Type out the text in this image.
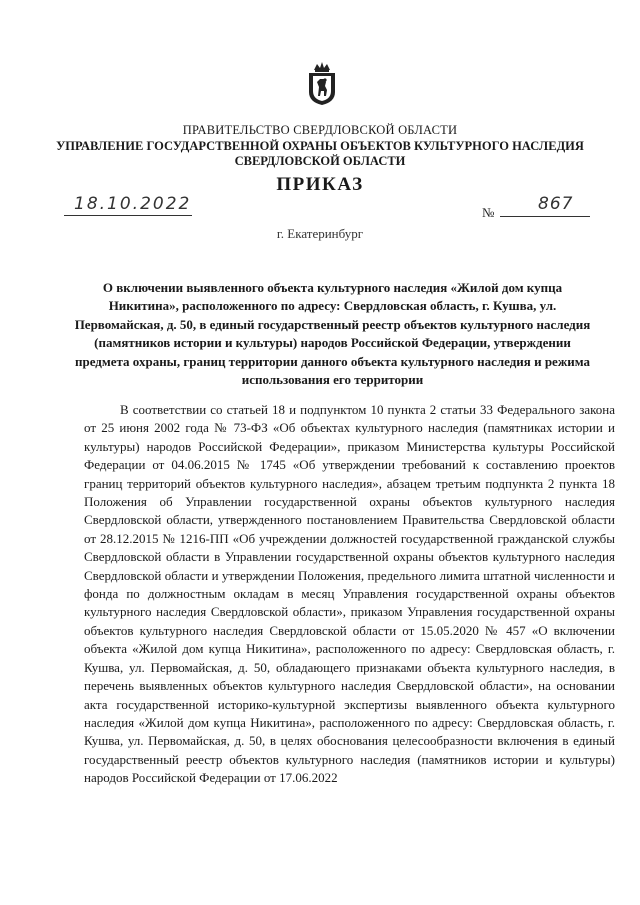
ПРАВИТЕЛЬСТВО СВЕРДЛОВСКОЙ ОБЛАСТИ
УПРАВЛЕНИЕ ГОСУДАРСТВЕННОЙ ОХРАНЫ ОБЪЕКТОВ КУЛЬТУРНОГО НАСЛЕДИЯ
СВЕРДЛОВСКОЙ ОБЛАСТИ
ПРИКАЗ
18.10.2022	№	867
г. Екатеринбург
О включении выявленного объекта культурного наследия «Жилой дом купца Никитина», расположенного по адресу: Свердловская область, г. Кушва, ул. Первомайская, д. 50, в единый государственный реестр объектов культурного наследия (памятников истории и культуры) народов Российской Федерации, утверждении предмета охраны, границ территории данного объекта культурного наследия и режима использования его территории

В соответствии со статьей 18 и подпунктом 10 пункта 2 статьи 33 Федерального закона от 25 июня 2002 года № 73-ФЗ «Об объектах культурного наследия (памятниках истории и культуры) народов Российской Федерации», приказом Министерства культуры Российской Федерации от 04.06.2015 № 1745 «Об утверждении требований к составлению проектов границ территорий объектов культурного наследия», абзацем третьим подпункта 2 пункта 18 Положения об Управлении государственной охраны объектов культурного наследия Свердловской области, утвержденного постановлением Правительства Свердловской области от 28.12.2015 № 1216-ПП «Об учреждении должностей государственной гражданской службы Свердловской области в Управлении государственной охраны объектов культурного наследия Свердловской области и утверждении Положения, предельного лимита штатной численности и фонда по должностным окладам в месяц Управления государственной охраны объектов культурного наследия Свердловской области», приказом Управления государственной охраны объектов культурного наследия Свердловской области от 15.05.2020 № 457 «О включении объекта «Жилой дом купца Никитина», расположенного по адресу: Свердловская область, г. Кушва, ул. Первомайская, д. 50, обладающего признаками объекта культурного наследия, в перечень выявленных объектов культурного наследия Свердловской области», на основании акта государственной историко-культурной экспертизы выявленного объекта культурного наследия «Жилой дом купца Никитина», расположенного по адресу: Свердловская область, г. Кушва, ул. Первомайская, д. 50, в целях обоснования целесообразности включения в единый государственный реестр объектов культурного наследия (памятников истории и культуры) народов Российской Федерации от 17.06.2022
